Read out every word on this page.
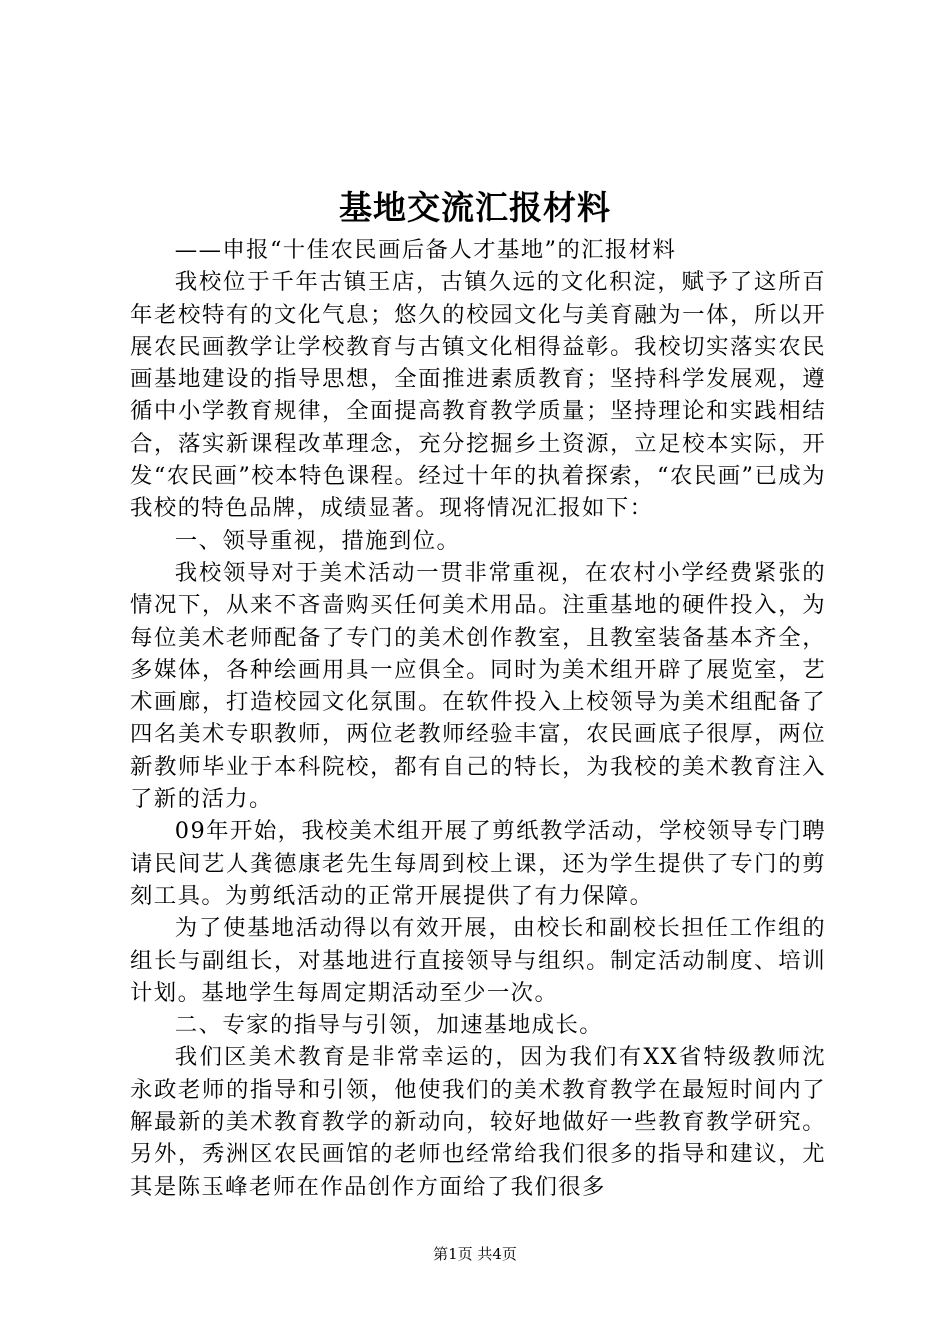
基地交流汇报材料

——申报“十佳农民画后备人才基地”的汇报材料

我校位于千年古镇王店，古镇久远的文化积淀，赋予了这所百年老校特有的文化气息；悠久的校园文化与美育融为一体，所以开展农民画教学让学校教育与古镇文化相得益彰。我校切实落实农民画基地建设的指导思想，全面推进素质教育；坚持科学发展观，遵循中小学教育规律，全面提高教育教学质量；坚持理论和实践相结合，落实新课程改革理念，充分挖掘乡土资源，立足校本实际，开发“农民画”校本特色课程。经过十年的执着探索，“农民画”已成为我校的特色品牌，成绩显著。现将情况汇报如下：

一、领导重视，措施到位。

我校领导对于美术活动一贯非常重视，在农村小学经费紧张的情况下，从来不吝啬购买任何美术用品。注重基地的硬件投入，为每位美术老师配备了专门的美术创作教室，且教室装备基本齐全，多媒体，各种绘画用具一应俱全。同时为美术组开辟了展览室，艺术画廊，打造校园文化氛围。在软件投入上校领导为美术组配备了四名美术专职教师，两位老教师经验丰富，农民画底子很厚，两位新教师毕业于本科院校，都有自己的特长，为我校的美术教育注入了新的活力。

09年开始，我校美术组开展了剪纸教学活动，学校领导专门聘请民间艺人龚德康老先生每周到校上课，还为学生提供了专门的剪刻工具。为剪纸活动的正常开展提供了有力保障。

为了使基地活动得以有效开展，由校长和副校长担任工作组的组长与副组长，对基地进行直接领导与组织。制定活动制度、培训计划。基地学生每周定期活动至少一次。

二、专家的指导与引领，加速基地成长。

我们区美术教育是非常幸运的，因为我们有XX省特级教师沈永政老师的指导和引领，他使我们的美术教育教学在最短时间内了解最新的美术教育教学的新动向，较好地做好一些教育教学研究。另外，秀洲区农民画馆的老师也经常给我们很多的指导和建议，尤其是陈玉峰老师在作品创作方面给了我们很多

第1页 共4页
